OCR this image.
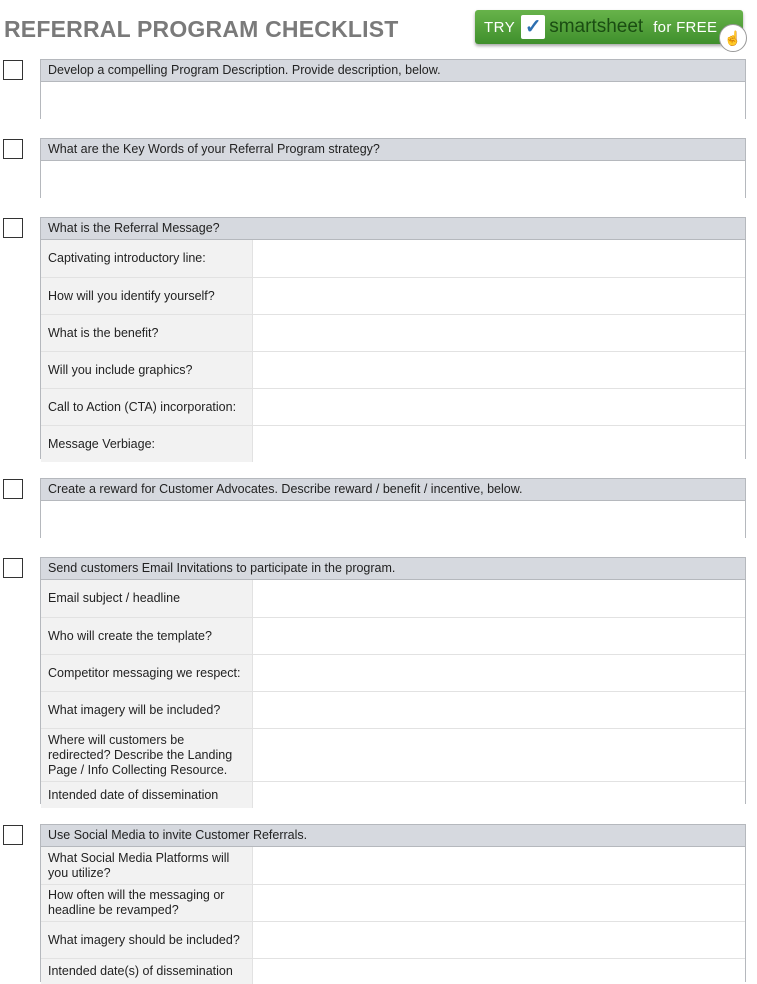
REFERRAL PROGRAM CHECKLIST	TRY ✓ smartsheet for FREE
☝
Develop a compelling Program Description. Provide description, below.
What are the Key Words of your Referral Program strategy?
What is the Referral Message?
Captivating introductory line:
How will you identify yourself?
What is the benefit?
Will you include graphics?
Call to Action (CTA) incorporation:
Message Verbiage:
Create a reward for Customer Advocates. Describe reward / benefit / incentive, below.
Send customers Email Invitations to participate in the program.
Email subject / headline
Who will create the template?
Competitor messaging we respect:
What imagery will be included?
Where will customers be redirected? Describe the Landing Page / Info Collecting Resource.
Intended date of dissemination
Use Social Media to invite Customer Referrals.
What Social Media Platforms will you utilize?
How often will the messaging or headline be revamped?
What imagery should be included?
Intended date(s) of dissemination
